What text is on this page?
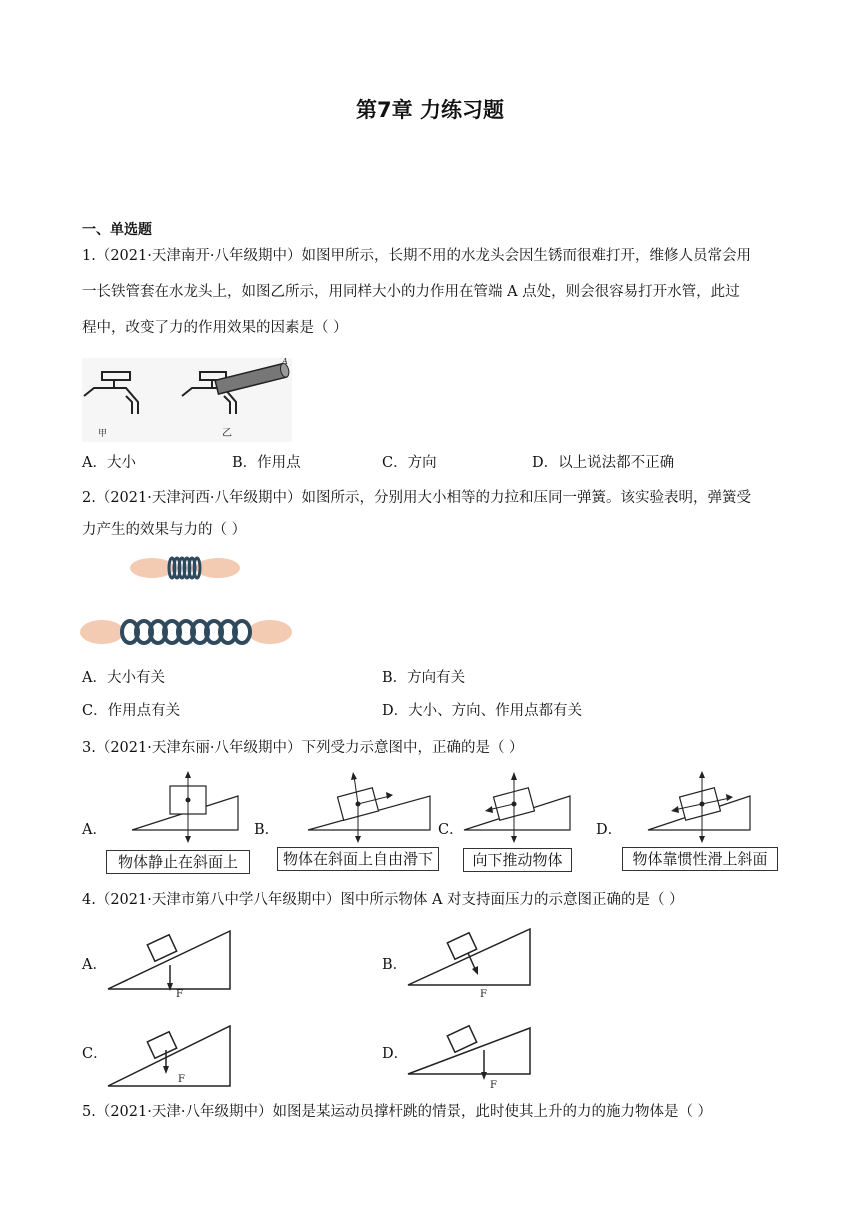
第7章 力练习题
一、单选题
1.（2021·天津南开·八年级期中）如图甲所示，长期不用的水龙头会因生锈而很难打开，维修人员常会用
一长铁管套在水龙头上，如图乙所示，用同样大小的力作用在管端 A 点处，则会很容易打开水管，此过
程中，改变了力的作用效果的因素是（ ）
甲
A
乙
A．大小	B．作用点	C．方向	D．以上说法都不正确
2.（2021·天津河西·八年级期中）如图所示，分别用大小相等的力拉和压同一弹簧。该实验表明，弹簧受
力产生的效果与力的（ ）
A．大小有关	B．方向有关
C．作用点有关	D．大小、方向、作用点都有关
3.（2021·天津东丽·八年级期中）下列受力示意图中，正确的是（ ）
A．	B．	C．	D．
物体静止在斜面上	物体在斜面上自由滑下	向下推动物体	物体靠惯性滑上斜面
4.（2021·天津市第八中学八年级期中）图中所示物体 A 对支持面压力的示意图正确的是（ ）
A．	B．
C．	D．
F	F
F
F
5.（2021·天津·八年级期中）如图是某运动员撑杆跳的情景，此时使其上升的力的施力物体是（ ）
